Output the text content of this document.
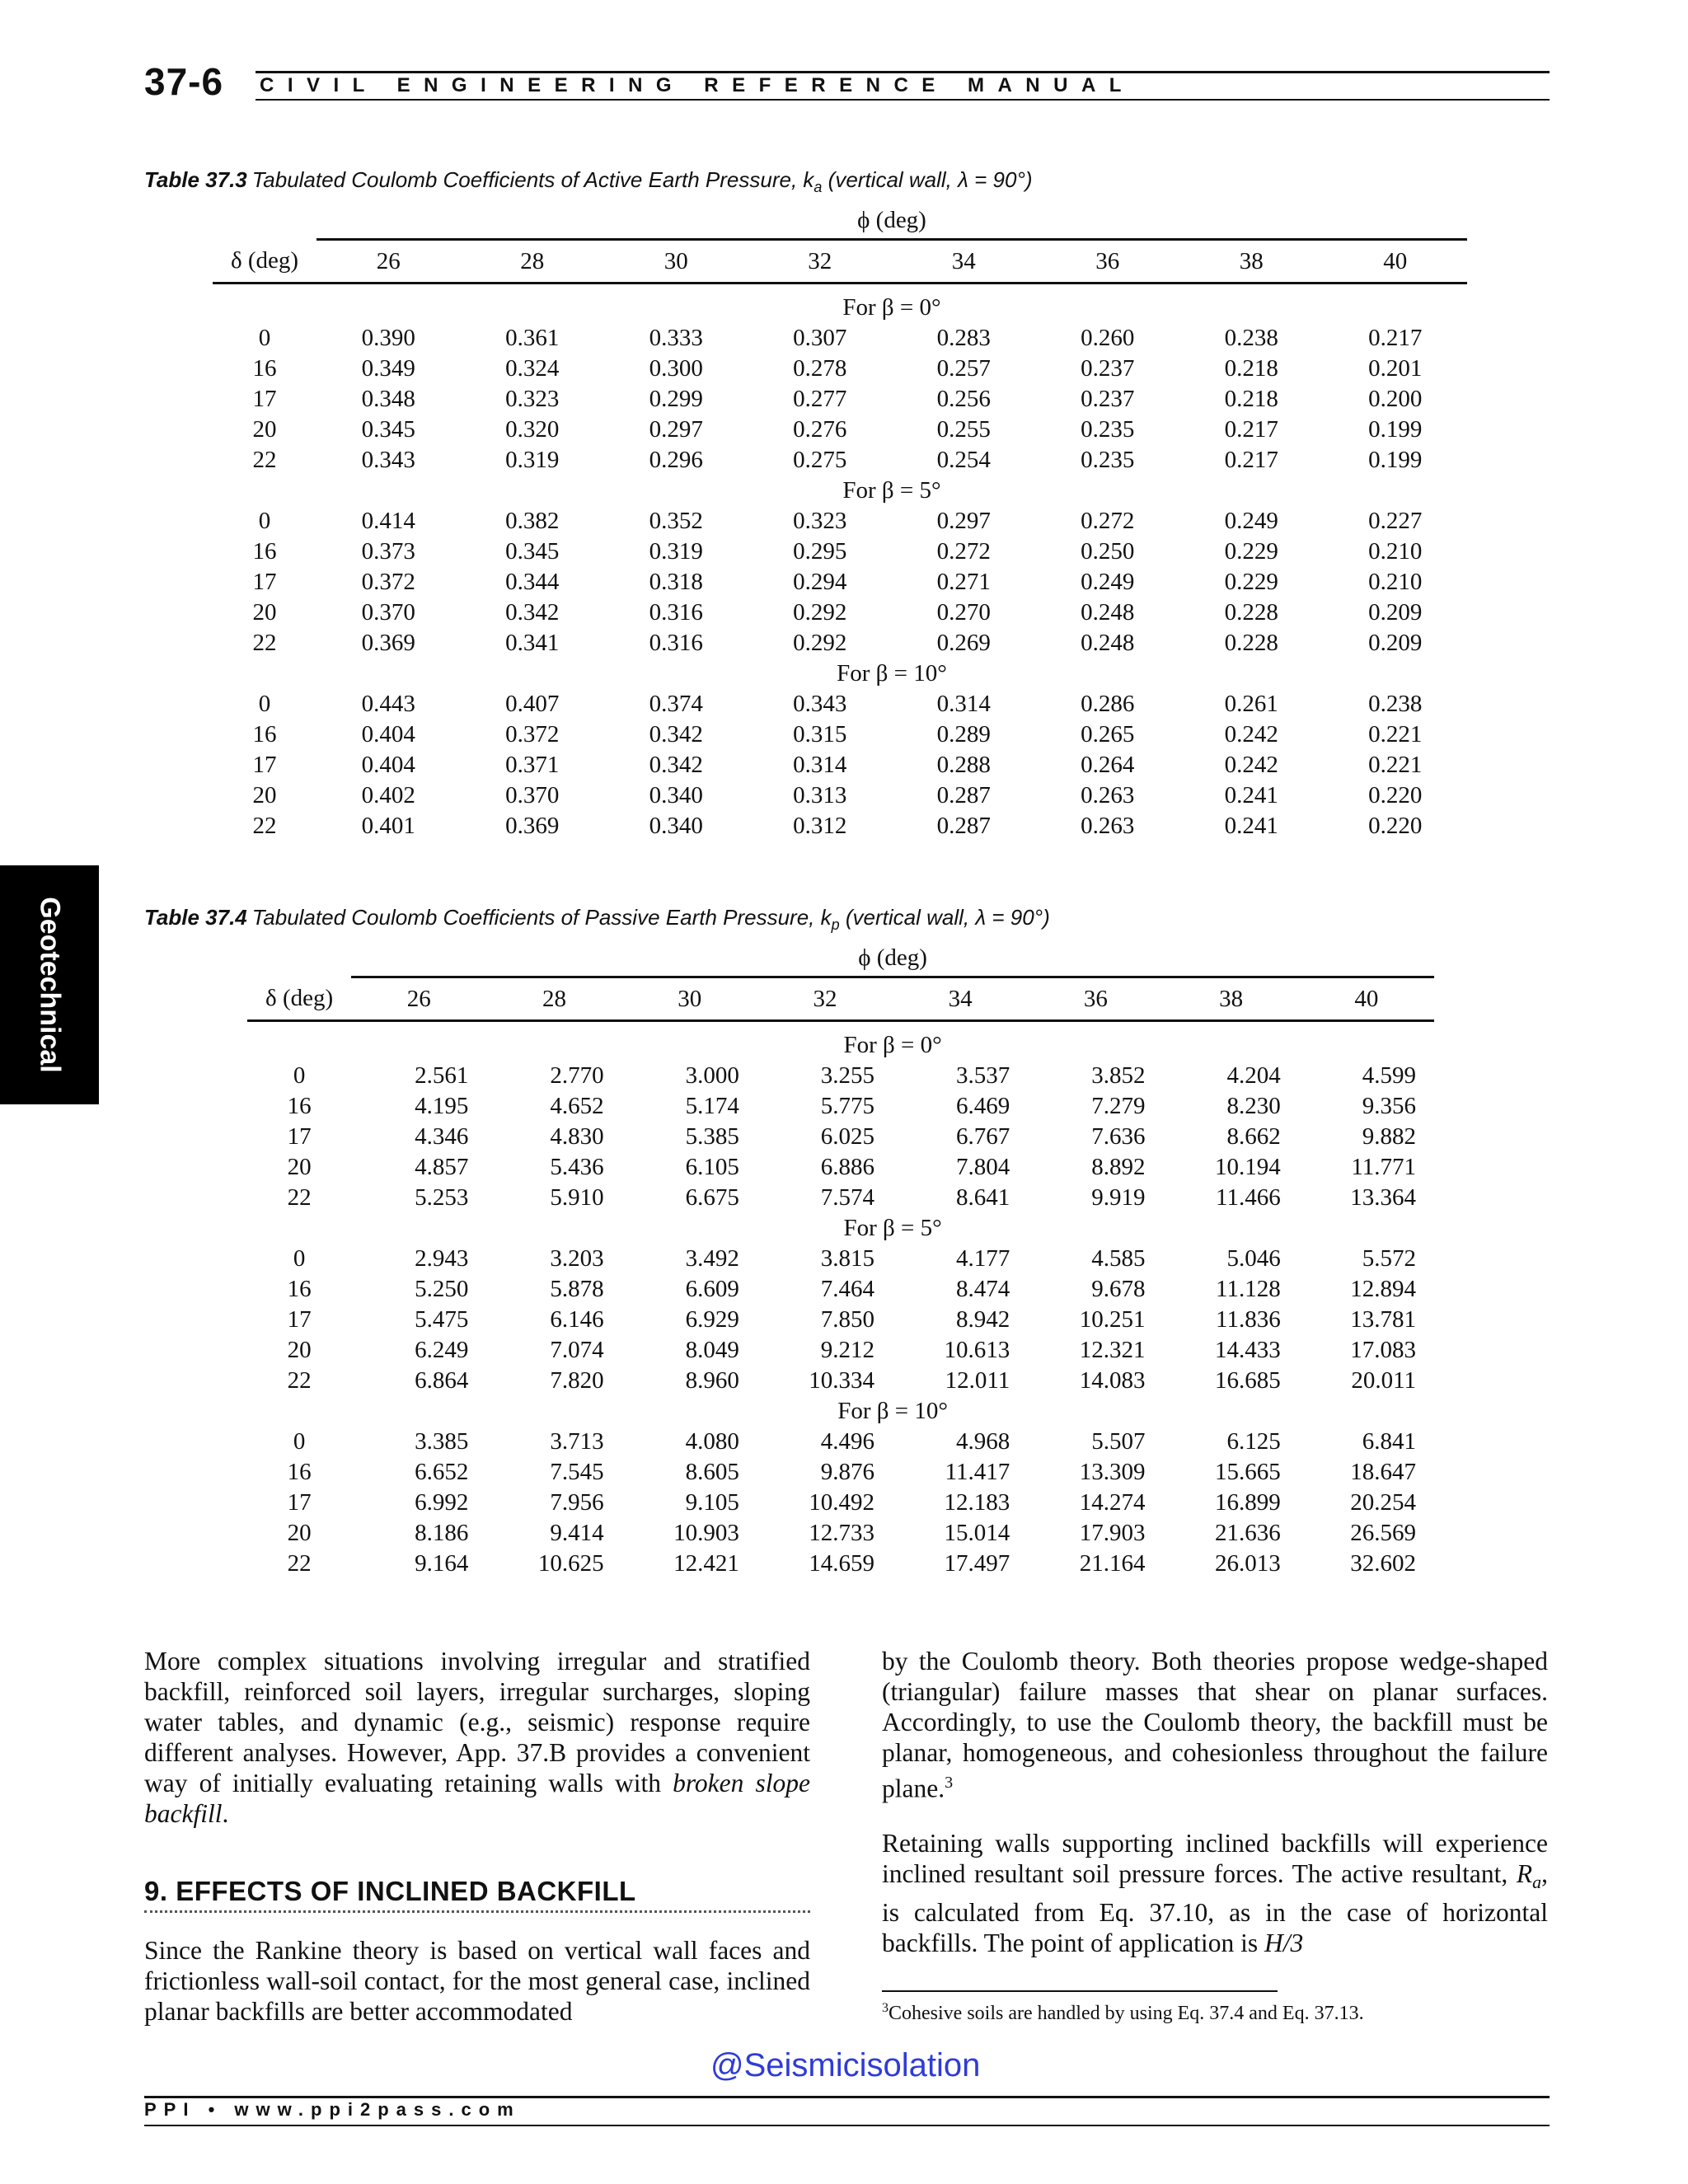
37-6 CIVIL ENGINEERING REFERENCE MANUAL
Geotechnical
Table 37.3 Tabulated Coulomb Coefficients of Active Earth Pressure, $k_a$ (vertical wall, λ = 90°)
	ϕ (deg)							
δ (deg)	26	28	30	32	34	36	38	40

	For β = 0°							
0	0.390	0.361	0.333	0.307	0.283	0.260	0.238	0.217
16	0.349	0.324	0.300	0.278	0.257	0.237	0.218	0.201
17	0.348	0.323	0.299	0.277	0.256	0.237	0.218	0.200
20	0.345	0.320	0.297	0.276	0.255	0.235	0.217	0.199
22	0.343	0.319	0.296	0.275	0.254	0.235	0.217	0.199
	For β = 5°							
0	0.414	0.382	0.352	0.323	0.297	0.272	0.249	0.227
16	0.373	0.345	0.319	0.295	0.272	0.250	0.229	0.210
17	0.372	0.344	0.318	0.294	0.271	0.249	0.229	0.210
20	0.370	0.342	0.316	0.292	0.270	0.248	0.228	0.209
22	0.369	0.341	0.316	0.292	0.269	0.248	0.228	0.209
	For β = 10°							
0	0.443	0.407	0.374	0.343	0.314	0.286	0.261	0.238
16	0.404	0.372	0.342	0.315	0.289	0.265	0.242	0.221
17	0.404	0.371	0.342	0.314	0.288	0.264	0.242	0.221
20	0.402	0.370	0.340	0.313	0.287	0.263	0.241	0.220
22	0.401	0.369	0.340	0.312	0.287	0.263	0.241	0.220
Table 37.4 Tabulated Coulomb Coefficients of Passive Earth Pressure, $k_p$ (vertical wall, λ = 90°)
	ϕ (deg)							
δ (deg)	26	28	30	32	34	36	38	40

	For β = 0°							
0	2.561	2.770	3.000	3.255	3.537	3.852	4.204	4.599
16	4.195	4.652	5.174	5.775	6.469	7.279	8.230	9.356
17	4.346	4.830	5.385	6.025	6.767	7.636	8.662	9.882
20	4.857	5.436	6.105	6.886	7.804	8.892	10.194	11.771
22	5.253	5.910	6.675	7.574	8.641	9.919	11.466	13.364
	For β = 5°							
0	2.943	3.203	3.492	3.815	4.177	4.585	5.046	5.572
16	5.250	5.878	6.609	7.464	8.474	9.678	11.128	12.894
17	5.475	6.146	6.929	7.850	8.942	10.251	11.836	13.781
20	6.249	7.074	8.049	9.212	10.613	12.321	14.433	17.083
22	6.864	7.820	8.960	10.334	12.011	14.083	16.685	20.011
	For β = 10°							
0	3.385	3.713	4.080	4.496	4.968	5.507	6.125	6.841
16	6.652	7.545	8.605	9.876	11.417	13.309	15.665	18.647
17	6.992	7.956	9.105	10.492	12.183	14.274	16.899	20.254
20	8.186	9.414	10.903	12.733	15.014	17.903	21.636	26.569
22	9.164	10.625	12.421	14.659	17.497	21.164	26.013	32.602

More complex situations involving irregular and stratified backfill, reinforced soil layers, irregular surcharges, sloping water tables, and dynamic (e.g., seismic) response require different analyses. However, App. 37.B provides a convenient way of initially evaluating retaining walls with broken slope backfill.

9. EFFECTS OF INCLINED BACKFILL

Since the Rankine theory is based on vertical wall faces and frictionless wall-soil contact, for the most general case, inclined planar backfills are better accommodated

by the Coulomb theory. Both theories propose wedge-shaped (triangular) failure masses that shear on planar surfaces. Accordingly, to use the Coulomb theory, the backfill must be planar, homogeneous, and cohesionless throughout the failure plane.$^3$

Retaining walls supporting inclined backfills will experience inclined resultant soil pressure forces. The active resultant, $R_a$, is calculated from Eq. 37.10, as in the case of horizontal backfills. The point of application is H/3

$^3$Cohesive soils are handled by using Eq. 37.4 and Eq. 37.13.
@Seismicisolation
PPI • www.ppi2pass.com
